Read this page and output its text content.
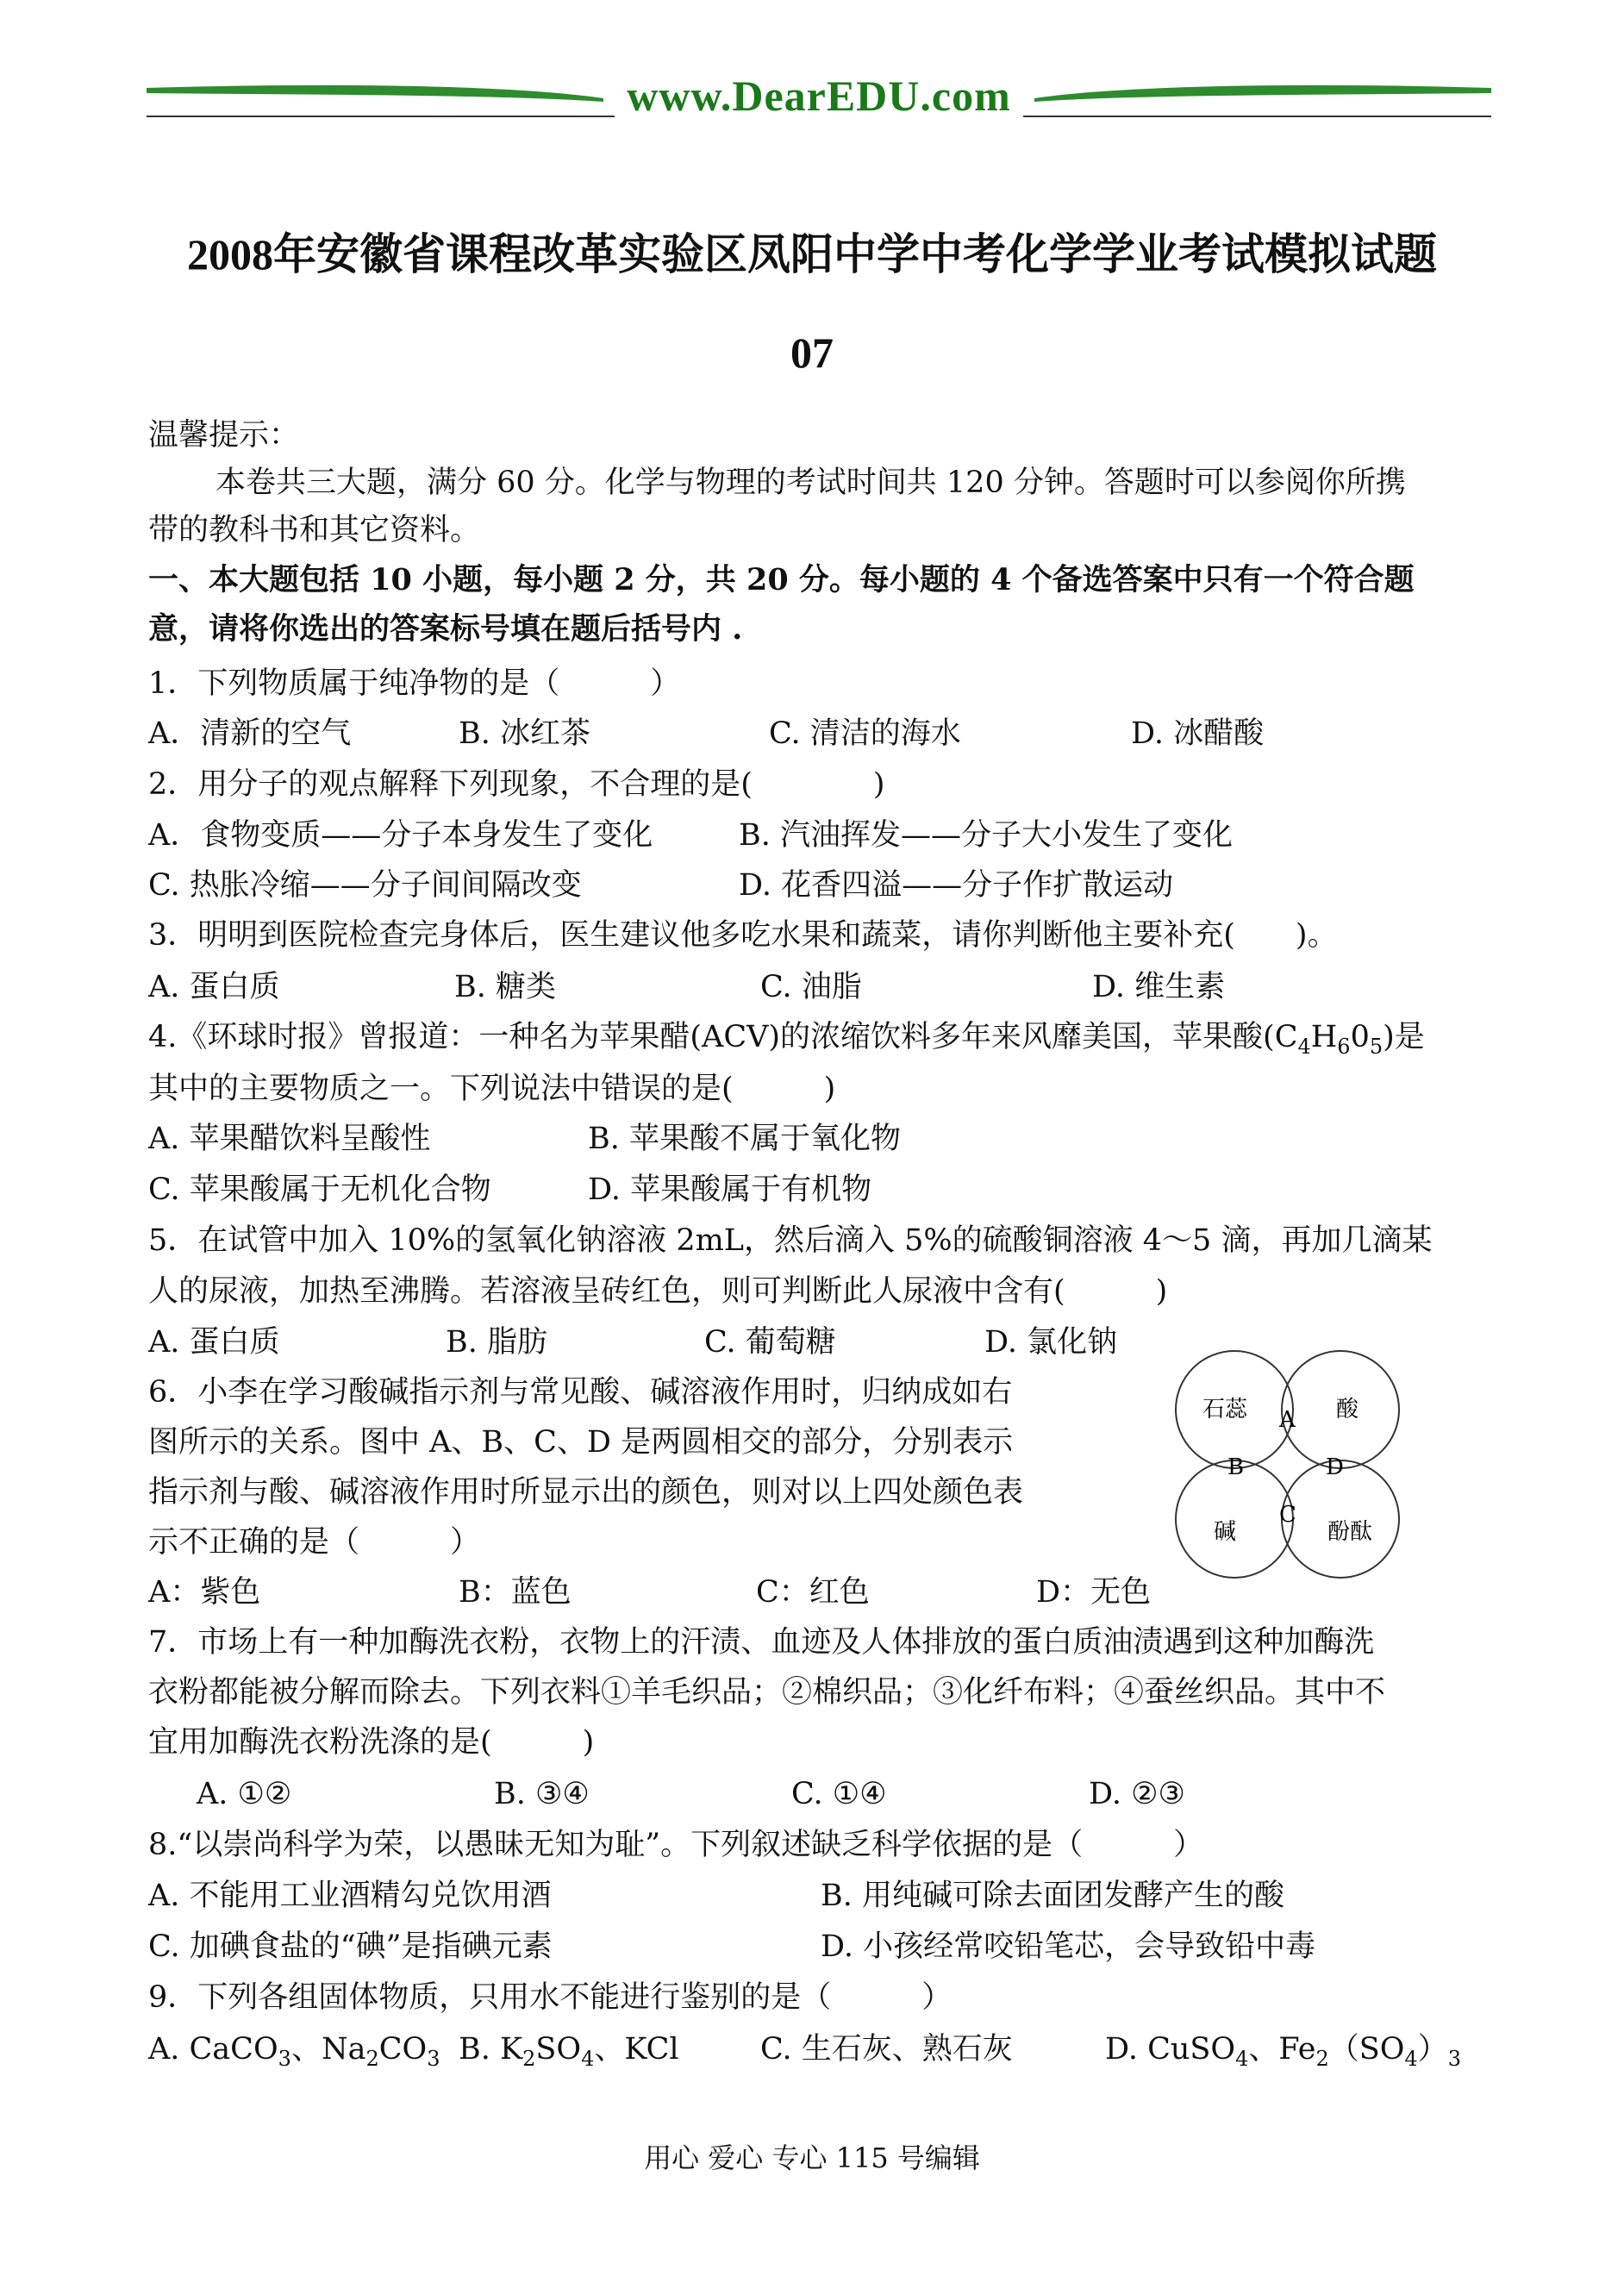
www.DearEDU.com
2008年安徽省课程改革实验区凤阳中学中考化学学业考试模拟试题
07
温馨提示：
本卷共三大题，满分 60 分。化学与物理的考试时间共 120 分钟。答题时可以参阅你所携
带的教科书和其它资料。
一、本大题包括 10 小题，每小题 2 分，共 20 分。每小题的 4 个备选答案中只有一个符合题
意，请将你选出的答案标号填在题后括号内 .
1．下列物质属于纯净物的是（　　　）
A．清新的空气	B. 冰红茶	C. 清洁的海水	D. 冰醋酸
2．用分子的观点解释下列现象，不合理的是(　　　　)
A．食物变质——分子本身发生了变化	B. 汽油挥发——分子大小发生了变化
C. 热胀冷缩——分子间间隔改变	D. 花香四溢——分子作扩散运动
3．明明到医院检查完身体后，医生建议他多吃水果和蔬菜，请你判断他主要补充(　　)。
A. 蛋白质	B. 糖类	C. 油脂	D. 维生素
4.《环球时报》曾报道：一种名为苹果醋(ACV)的浓缩饮料多年来风靡美国，苹果酸$(C_4H_60_5)$是
其中的主要物质之一。下列说法中错误的是(　　　)
A. 苹果醋饮料呈酸性	B. 苹果酸不属于氧化物
C. 苹果酸属于无机化合物	D. 苹果酸属于有机物
5．在试管中加入 10%的氢氧化钠溶液 2mL，然后滴入 5%的硫酸铜溶液 4～5 滴，再加几滴某
人的尿液，加热至沸腾。若溶液呈砖红色，则可判断此人尿液中含有(　　　)
A. 蛋白质	B. 脂肪	C. 葡萄糖	D. 氯化钠
6．小李在学习酸碱指示剂与常见酸、碱溶液作用时，归纳成如右
图所示的关系。图中 A、B、C、D 是两圆相交的部分，分别表示
指示剂与酸、碱溶液作用时所显示出的颜色，则对以上四处颜色表
示不正确的是（　　　）
A：紫色	B：蓝色	C：红色	D：无色
石蕊	酸
碱	酚酞
A
B	D
C
7．市场上有一种加酶洗衣粉，衣物上的汗渍、血迹及人体排放的蛋白质油渍遇到这种加酶洗
衣粉都能被分解而除去。下列衣料①羊毛织品；②棉织品；③化纤布料；④蚕丝织品。其中不
宜用加酶洗衣粉洗涤的是(　　　)
A. ①②	B. ③④	C. ①④	D. ②③
8.“以崇尚科学为荣，以愚昧无知为耻”。下列叙述缺乏科学依据的是（　　　）
A. 不能用工业酒精勾兑饮用酒	B. 用纯碱可除去面团发酵产生的酸
C. 加碘食盐的“碘”是指碘元素	D. 小孩经常咬铅笔芯，会导致铅中毒
9．下列各组固体物质，只用水不能进行鉴别的是（　　　）
A. CaCO$_3$、$Na_2CO_3$ B. $K_2SO_4$、KCl	C. 生石灰、熟石灰	D. CuSO$_4$、$Fe_2(SO_4)_3$
用心 爱心 专心 115 号编辑
